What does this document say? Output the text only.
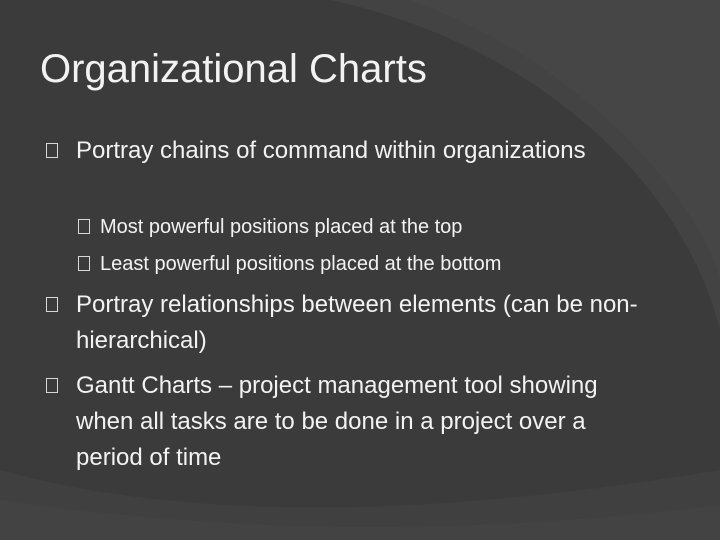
Organizational Charts
Portray chains of command within organizations
Most powerful positions placed at the top
Least powerful positions placed at the bottom
Portray relationships between elements (can be non-hierarchical)
Gantt Charts – project management tool showing when all tasks are to be done in a project over a period of time
